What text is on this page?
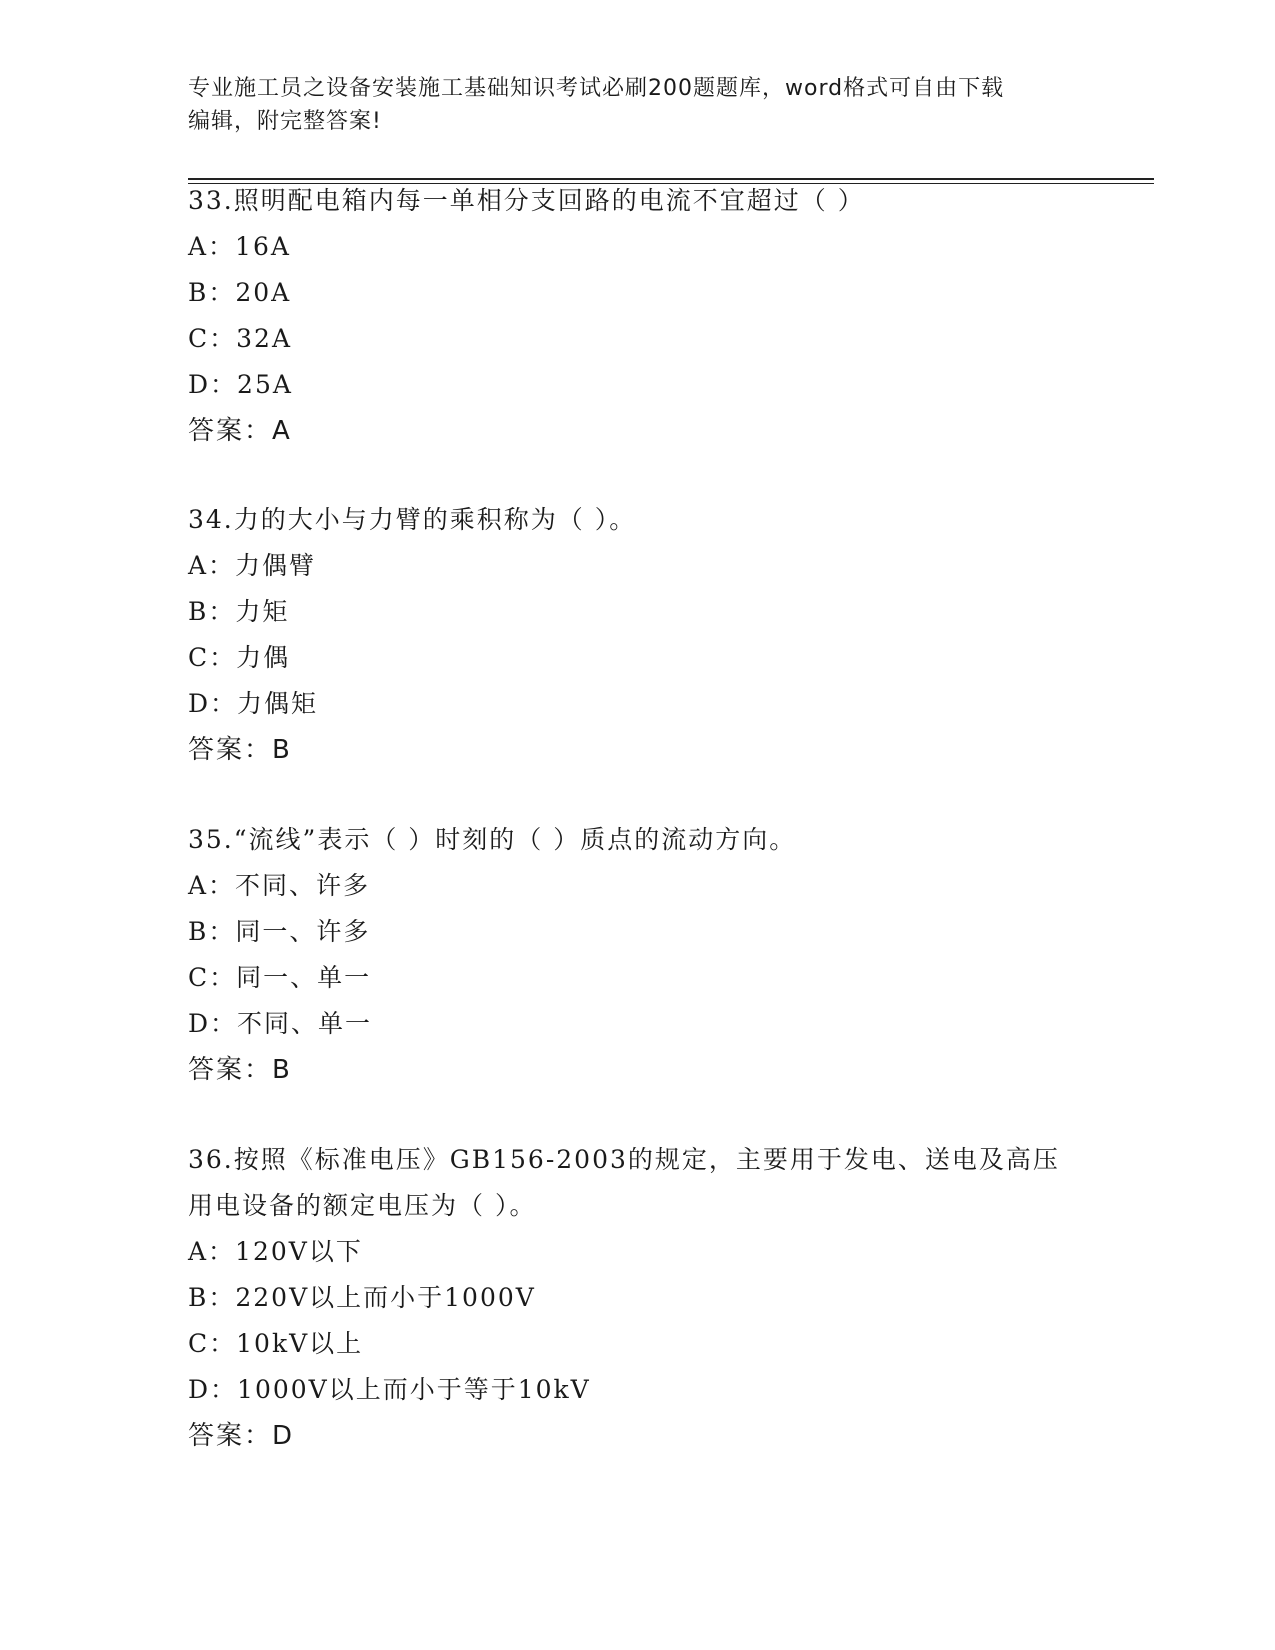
专业施工员之设备安装施工基础知识考试必刷200题题库，word格式可自由下载
编辑，附完整答案!
33.照明配电箱内每一单相分支回路的电流不宜超过（ ）
A：16A
B：20A
C：32A
D：25A
答案：A
34.力的大小与力臂的乘积称为（ ）。
A：力偶臂
B：力矩
C：力偶
D：力偶矩
答案：B
35.“流线”表示（ ）时刻的（ ）质点的流动方向。
A：不同、许多
B：同一、许多
C：同一、单一
D：不同、单一
答案：B
36.按照《标准电压》GB156-2003的规定，主要用于发电、送电及高压
用电设备的额定电压为（ ）。
A：120V以下
B：220V以上而小于1000V
C：10kV以上
D：1000V以上而小于等于10kV
答案：D
